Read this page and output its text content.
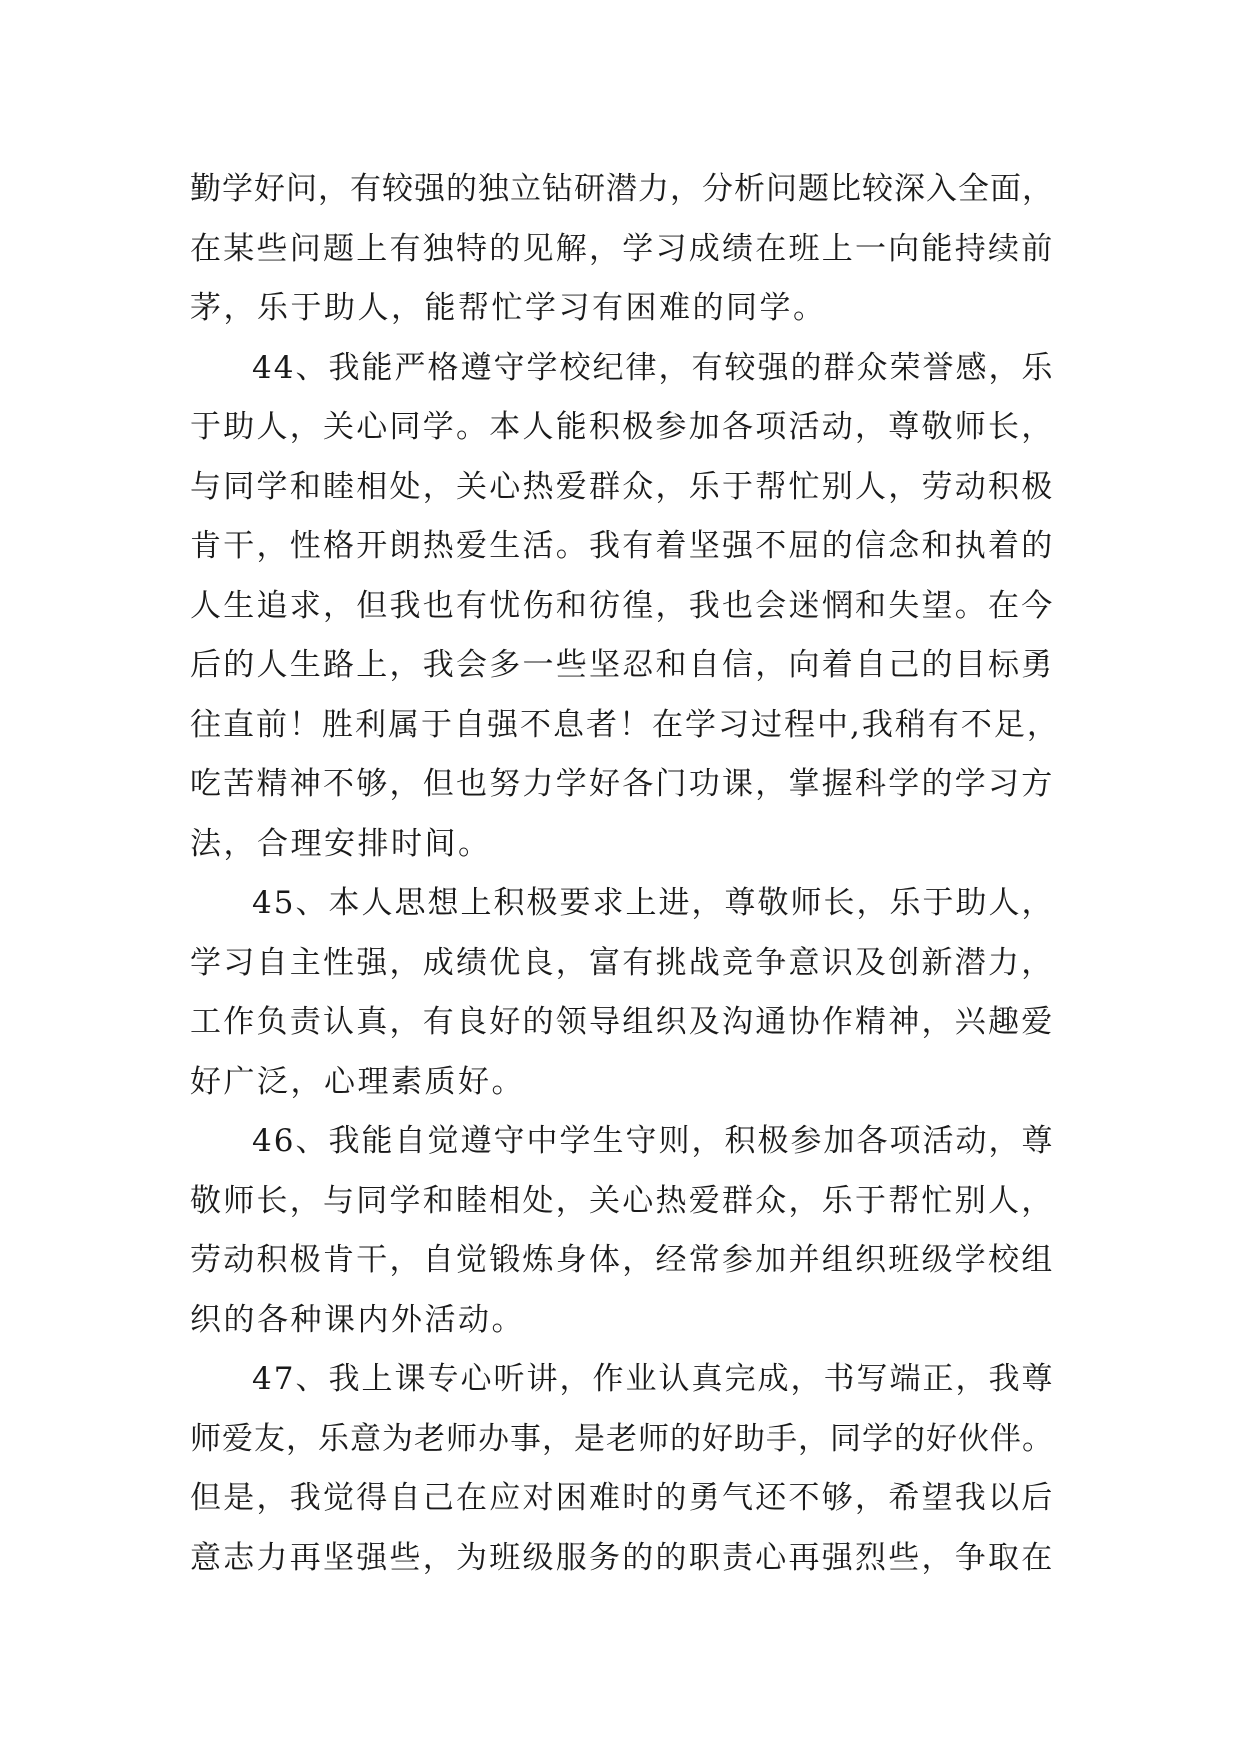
勤学好问，有较强的独立钻研潜力，分析问题比较深入全面，
在某些问题上有独特的见解，学习成绩在班上一向能持续前
茅，乐于助人，能帮忙学习有困难的同学。
44、我能严格遵守学校纪律，有较强的群众荣誉感，乐
于助人，关心同学。本人能积极参加各项活动，尊敬师长，
与同学和睦相处，关心热爱群众，乐于帮忙别人，劳动积极
肯干，性格开朗热爱生活。我有着坚强不屈的信念和执着的
人生追求，但我也有忧伤和彷徨，我也会迷惘和失望。在今
后的人生路上，我会多一些坚忍和自信，向着自己的目标勇
往直前！胜利属于自强不息者！在学习过程中,我稍有不足，
吃苦精神不够，但也努力学好各门功课，掌握科学的学习方
法，合理安排时间。
45、本人思想上积极要求上进，尊敬师长，乐于助人，
学习自主性强，成绩优良，富有挑战竞争意识及创新潜力，
工作负责认真，有良好的领导组织及沟通协作精神，兴趣爱
好广泛，心理素质好。
46、我能自觉遵守中学生守则，积极参加各项活动，尊
敬师长，与同学和睦相处，关心热爱群众，乐于帮忙别人，
劳动积极肯干，自觉锻炼身体，经常参加并组织班级学校组
织的各种课内外活动。
47、我上课专心听讲，作业认真完成，书写端正，我尊
师爱友，乐意为老师办事，是老师的好助手，同学的好伙伴。
但是，我觉得自己在应对困难时的勇气还不够，希望我以后
意志力再坚强些，为班级服务的的职责心再强烈些，争取在
